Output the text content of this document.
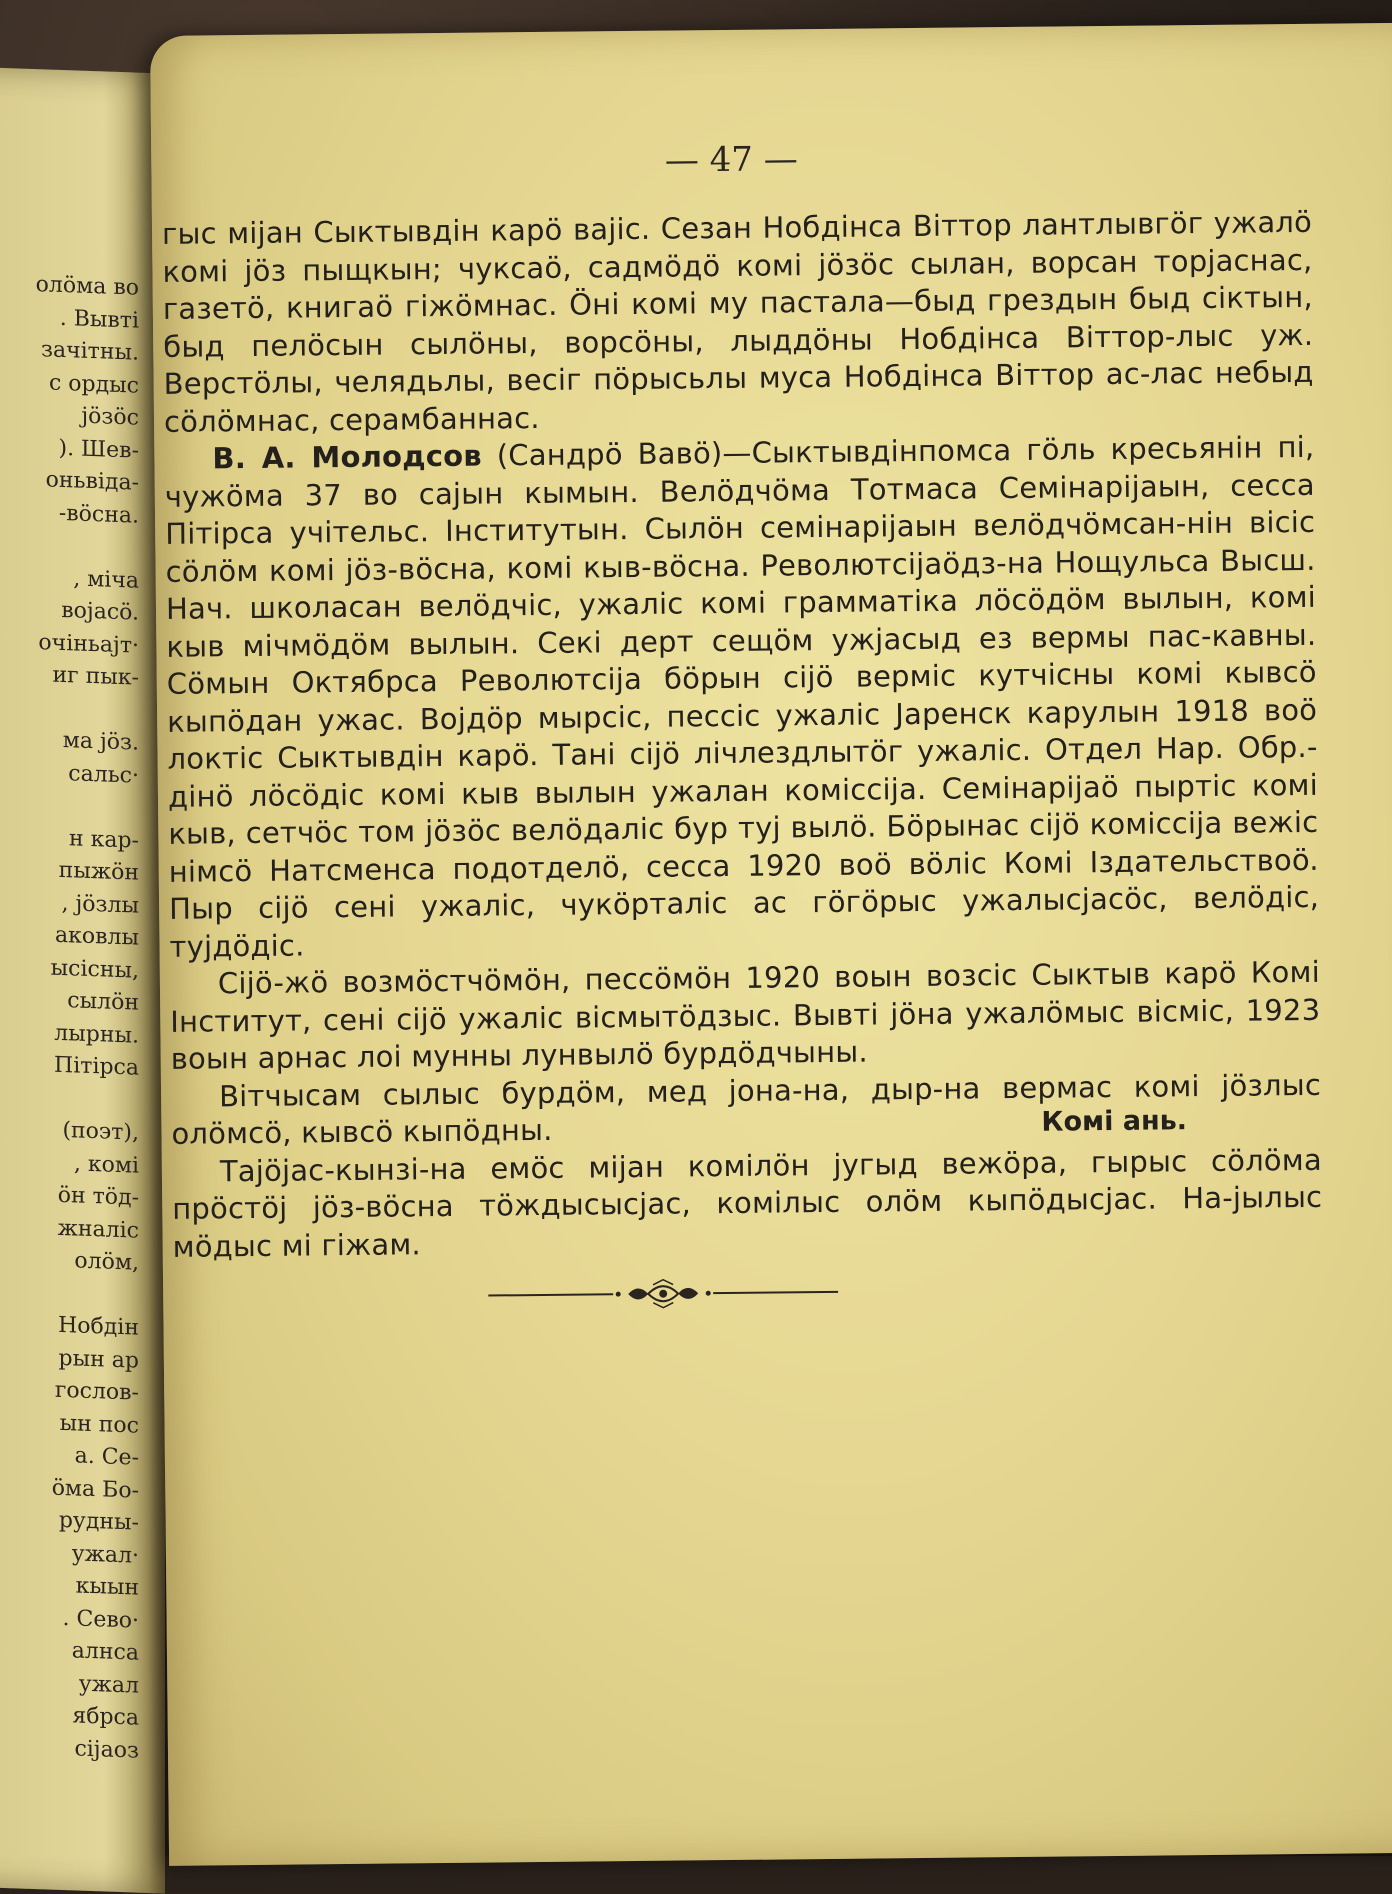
олöма во
. Вывтi
зачiтны.
с ордыс
jöзöс
). Шев-
оньвiда-
-вöсна.
, мiча
вojасö.
очiньаjт·
иг пык-
ма jöз.
сальс·
н кар-
пыжöн
, jöзлы
аковлы
ысiсны,
сылöн
лырны.
Пiтiрса
(поэт),
, комi
öн тöд-
жналiс
олöм,
Нобдiн
рын ар
гослов-
ын пос
а. Се-
öма Бо-
рудны-
ужал·
кыын
. Сево·
алнса
ужал
ябрса
сijаоз
— 47 —

гыс мijан Сыктывдiн карö вajiс. Сезан Нобдiнса Вiттор лантлывгöг ужалö комi jöз пыщкын; чуксаö, садмöдö комi jöзöс сылан, ворсан торjаснас, газетö, книгаö гiжöмнас. Öнi комi му пастала—быд грездын быд сiктын, быд пелöсын сылöны, ворсöны, лыддöны Нобдiнса Вiттор-лыс уж. Верстöлы, челядьлы, весiг пöрысьлы муса Нобдiнса Вiттор ас-лас небыд сöлöмнас, серамбаннас.

В. А. Молодсов (Сандрö Вавö)—Сыктывдiнпомса гöль кресьянiн пi, чужöма 37 во саjын кымын. Велöдчöма Тотмаса Семiнарijаын, сесса Пiтiрса учiтельс. Iнститутын. Сылöн семiнарijаын велöдчöмсан-нiн вiсiс сöлöм комi jöз-вöсна, комi кыв-вöсна. Револютсijаöдз-на Нощульса Высш. Нач. школасан велöдчiс, ужалiс комi грамматiка лöсöдöм вылын, комi кыв мiчмöдöм вылын. Секi дерт сещöм ужjасыд ез вермы пас-кавны. Сöмын Октябрса Револютсija бöрын сijö вермiс кутчiсны комi кывсö кыпöдан ужас. Bojдöр мырсiс, пессiс ужалiс Jаренск карулын 1918 воö локтiс Сыктывдiн карö. Танi сijö лiчлездлытöг ужалiс. Отдел Нар. Обр.-дiнö лöсöдiс комi кыв вылын ужалан комiссija. Семiнарijаö пыртiс комi кыв, сетчöс том jöзöс велöдалiс бур туj вылö. Бöрынас сijö комiссija вежiс нiмсö Натсменса подотделö, сесса 1920 воö вöлiс Комi Iздательствоö. Пыр сijö сенi ужалiс, чукöрталiс ас гöгöрыс ужалысjасöс, велöдiс, туjдöдiс.

Сijö-жö возмöстчöмöн, пессöмöн 1920 воын возсiс Сыктыв карö Комi Iнститут, сенi сijö ужалiс вiсмытöдзыс. Вывтi jöна ужалöмыс вiсмiс, 1923 воын арнас лоi мунны лунвылö бурдöдчыны.

Вiтчысам сылыс бурдöм, мед jона-на, дыр-на вермас комi jöзлыс олöмсö, кывсö кыпöдны.

Таjöjас-кынзi-на емöс мiјан комiлöн jугыд вежöра, гырыс сöлöма прöстöj jöз-вöсна тöждысысjас, комiлыс олöм кыпöдысjас. На-jылыс мöдыс мi гiжам.

Комi ань.
